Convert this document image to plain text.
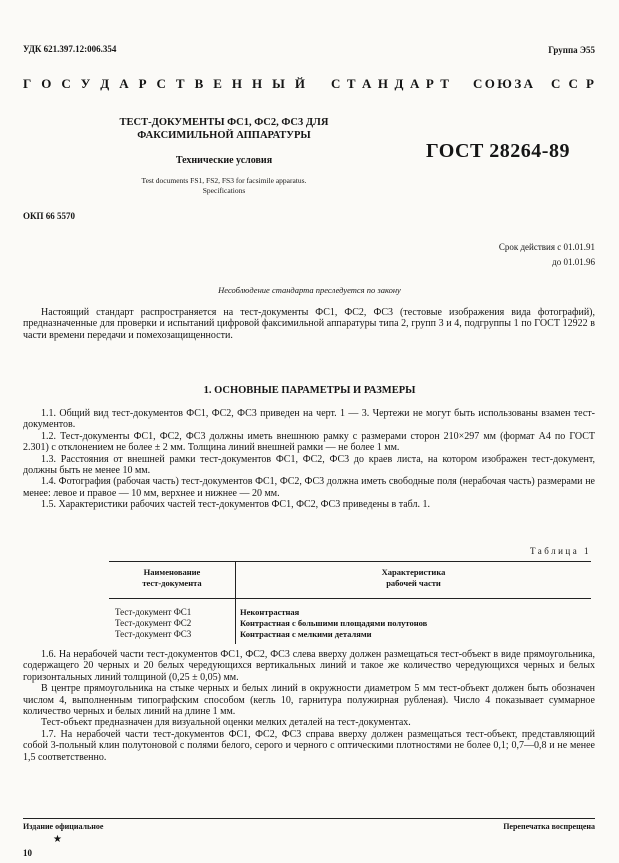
УДК 621.397.12:006.354	Группа Э55
Г О С У Д А Р С Т В Е Н Н Ы Й С Т А Н Д А Р Т С О Ю З А С С Р
ТЕСТ-ДОКУМЕНТЫ ФС1, ФС2, ФС3 ДЛЯ
ФАКСИМИЛЬНОЙ АППАРАТУРЫ
Технические условия
Test documents FS1, FS2, FS3 for facsimile apparatus.
Specifications
ГОСТ 28264-89
ОКП 66 5570
Срок действия с 01.01.91
до 01.01.96
Несоблюдение стандарта преследуется по закону
Настоящий стандарт распространяется на тест-документы ФС1, ФС2, ФС3 (тестовые изображения вида фотографий), предназначенные для проверки и испытаний цифровой факсимильной аппаратуры типа 2, групп 3 и 4, подгруппы 1 по ГОСТ 12922 в части времени передачи и помехозащищенности.
1. ОСНОВНЫЕ ПАРАМЕТРЫ И РАЗМЕРЫ

1.1. Общий вид тест-документов ФС1, ФС2, ФС3 приведен на черт. 1 — 3. Чертежи не могут быть использованы взамен тест-документов.

1.2. Тест-документы ФС1, ФС2, ФС3 должны иметь внешнюю рамку с размерами сторон 210×297 мм (формат А4 по ГОСТ 2.301) с отклонением не более ± 2 мм. Толщина линий внешней рамки — не более 1 мм.

1.3. Расстояния от внешней рамки тест-документов ФС1, ФС2, ФС3 до краев листа, на котором изображен тест-документ, должны быть не менее 10 мм.

1.4. Фотография (рабочая часть) тест-документов ФС1, ФС2, ФС3 должна иметь свободные поля (нерабочая часть) размерами не менее: левое и правое — 10 мм, верхнее и нижнее — 20 мм.

1.5. Характеристики рабочих частей тест-документов ФС1, ФС2, ФС3 приведены в табл. 1.

Таблица 1
Наименование
тест-документа
Характеристика
рабочей части
Тест-документ ФС1
Тест-документ ФС2
Тест-документ ФС3
Неконтрастная
Контрастная с большими площадями полутонов
Контрастная с мелкими деталями

1.6. На нерабочей части тест-документов ФС1, ФС2, ФС3 слева вверху должен размещаться тест-объект в виде прямоугольника, содержащего 20 черных и 20 белых чередующихся вертикальных линий и такое же количество чередующихся черных и белых горизонтальных линий толщиной (0,25 ± 0,05) мм.

В центре прямоугольника на стыке черных и белых линий в окружности диаметром 5 мм тест-объект должен быть обозначен числом 4, выполненным типографским способом (кегль 10, гарнитура полужирная рубленая). Число 4 показывает суммарное количество черных и белых линий на длине 1 мм.

Тест-объект предназначен для визуальной оценки мелких деталей на тест-документах.

1.7. На нерабочей части тест-документов ФС1, ФС2, ФС3 справа вверху должен размещаться тест-объект, представляющий собой 3-польный клин полутоновой с полями белого, серого и черного с оптическими плотностями не более 0,1; 0,7—0,8 и не менее 1,5 соответственно.

Издание официальное
★
Перепечатка воспрещена
10
